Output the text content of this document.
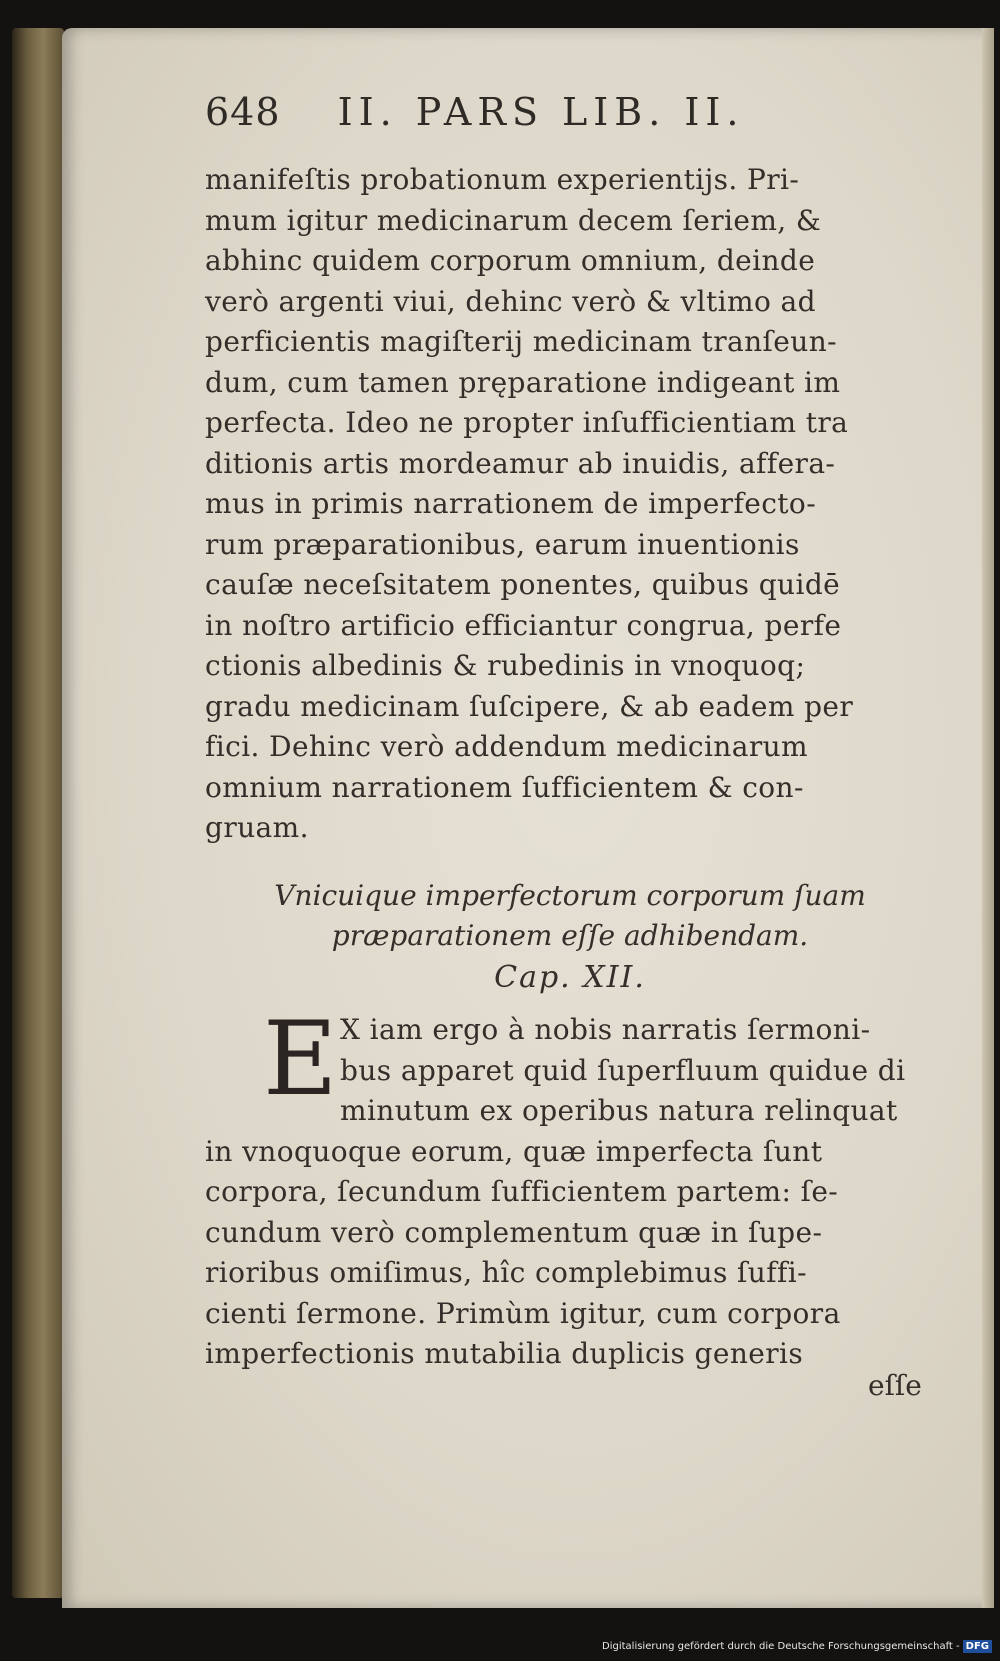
648 II. PARS LIB. II.
manifeſtis probationum experientijs. Pri-
mum igitur medicinarum decem ſeriem, &
abhinc quidem corporum omnium, deinde
verò argenti viui, dehinc verò & vltimo ad
perficientis magiſterij medicinam tranſeun-
dum, cum tamen pręparatione indigeant im
perfecta. Ideo ne propter inſufficientiam tra
ditionis artis mordeamur ab inuidis, affera-
mus in primis narrationem de imperfecto-
rum præparationibus, earum inuentionis
cauſæ neceſsitatem ponentes, quibus quidē
in noſtro artificio efficiantur congrua, perfe
ctionis albedinis & rubedinis in vnoquoq;
gradu medicinam ſuſcipere, & ab eadem per
fici. Dehinc verò addendum medicinarum
omnium narrationem ſufficientem & con-
gruam.
Vnicuique imperfectorum corporum ſuam
præparationem eſſe adhibendam.
Cap. XII.
E X iam ergo à nobis narratis ſermoni-
bus apparet quid ſuperfluum quidue di
minutum ex operibus natura relinquat
in vnoquoque eorum, quæ imperfecta ſunt
corpora, ſecundum ſufficientem partem: ſe-
cundum verò complementum quæ in ſupe-
rioribus omiſimus, hîc complebimus ſuffi-
cienti ſermone. Primùm igitur, cum corpora
imperfectionis mutabilia duplicis generis
eſſe
Digitalisierung gefördert durch die Deutsche Forschungsgemeinschaft - DFG
